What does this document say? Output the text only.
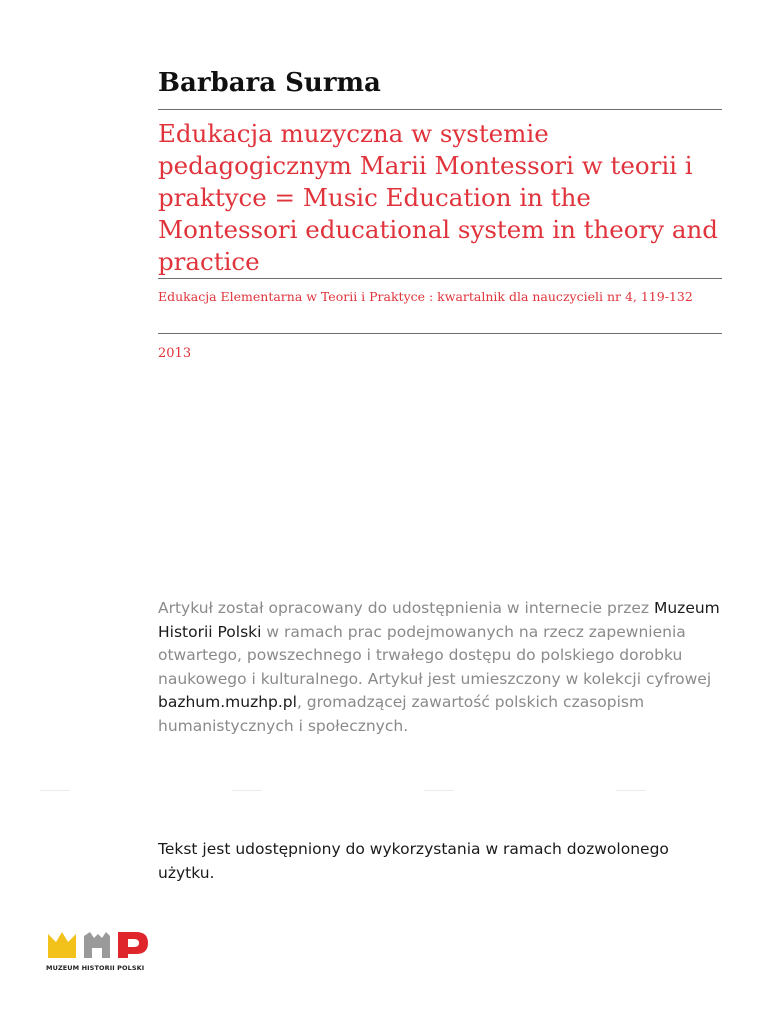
Barbara Surma
Edukacja muzyczna w systemie pedagogicznym Marii Montessori w teorii i praktyce = Music Education in the Montessori educational system in theory and practice
Edukacja Elementarna w Teorii i Praktyce : kwartalnik dla nauczycieli nr 4, 119-132
2013
Artykuł został opracowany do udostępnienia w internecie przez Muzeum Historii Polski w ramach prac podejmowanych na rzecz zapewnienia otwartego, powszechnego i trwałego dostępu do polskiego dorobku naukowego i kulturalnego. Artykuł jest umieszczony w kolekcji cyfrowej bazhum.muzhp.pl, gromadzącej zawartość polskich czasopism humanistycznych i społecznych.
Tekst jest udostępniony do wykorzystania w ramach dozwolonego użytku.
MUZEUM HISTORII POLSKI
